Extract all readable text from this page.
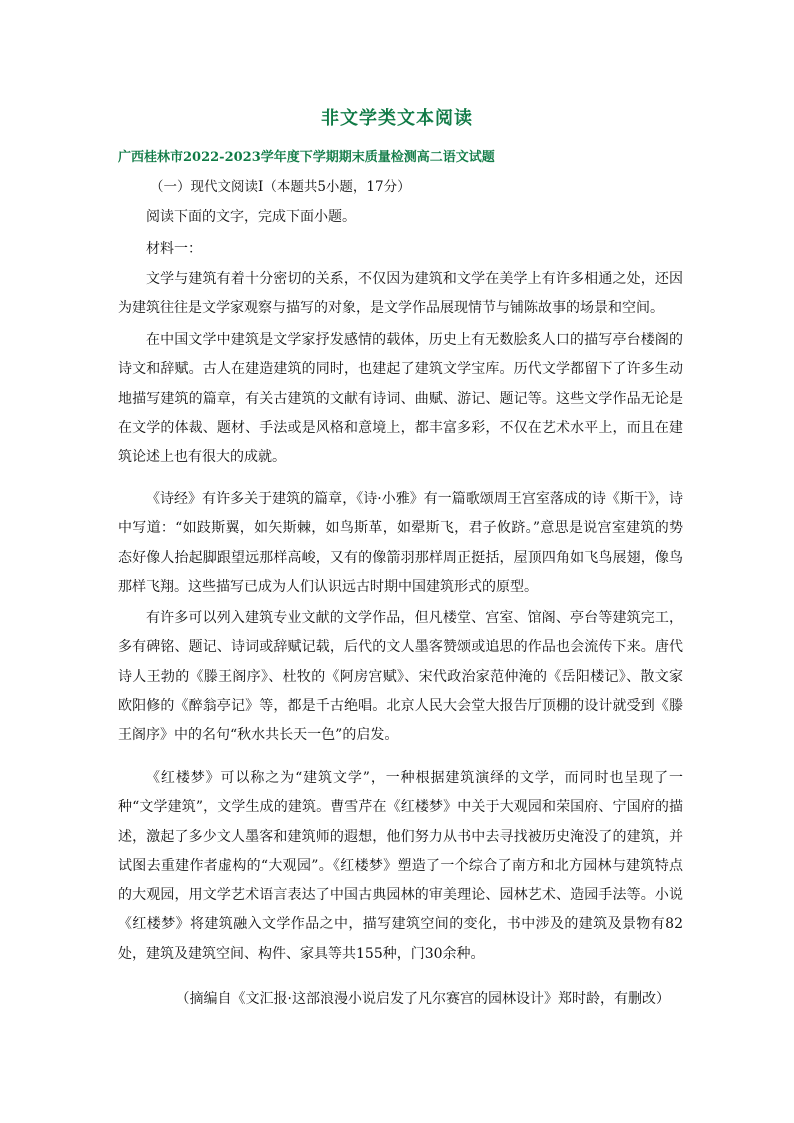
非文学类文本阅读
广西桂林市2022-2023学年度下学期期末质量检测高二语文试题
（一）现代文阅读Ⅰ（本题共5小题，17分）
阅读下面的文字，完成下面小题。
材料一：

文学与建筑有着十分密切的关系，不仅因为建筑和文学在美学上有许多相通之处，还因为建筑往往是文学家观察与描写的对象，是文学作品展现情节与铺陈故事的场景和空间。

在中国文学中建筑是文学家抒发感情的载体，历史上有无数脍炙人口的描写亭台楼阁的诗文和辞赋。古人在建造建筑的同时，也建起了建筑文学宝库。历代文学都留下了许多生动地描写建筑的篇章，有关古建筑的文献有诗词、曲赋、游记、题记等。这些文学作品无论是在文学的体裁、题材、手法或是风格和意境上，都丰富多彩，不仅在艺术水平上，而且在建筑论述上也有很大的成就。

《诗经》有许多关于建筑的篇章，《诗·小雅》有一篇歌颂周王宫室落成的诗《斯干》，诗中写道：“如跂斯翼，如矢斯棘，如鸟斯革，如翚斯飞，君子攸跻。”意思是说宫室建筑的势态好像人抬起脚跟望远那样高峻，又有的像箭羽那样周正挺括，屋顶四角如飞鸟展翅，像鸟那样飞翔。这些描写已成为人们认识远古时期中国建筑形式的原型。

有许多可以列入建筑专业文献的文学作品，但凡楼堂、宫室、馆阁、亭台等建筑完工，多有碑铭、题记、诗词或辞赋记载，后代的文人墨客赞颂或追思的作品也会流传下来。唐代诗人王勃的《滕王阁序》、杜牧的《阿房宫赋》、宋代政治家范仲淹的《岳阳楼记》、散文家欧阳修的《醉翁亭记》等，都是千古绝唱。北京人民大会堂大报告厅顶棚的设计就受到《滕王阁序》中的名句“秋水共长天一色”的启发。

《红楼梦》可以称之为“建筑文学”，一种根据建筑演绎的文学，而同时也呈现了一种“文学建筑”，文学生成的建筑。曹雪芹在《红楼梦》中关于大观园和荣国府、宁国府的描述，激起了多少文人墨客和建筑师的遐想，他们努力从书中去寻找被历史淹没了的建筑，并试图去重建作者虚构的“大观园”。《红楼梦》塑造了一个综合了南方和北方园林与建筑特点的大观园，用文学艺术语言表达了中国古典园林的审美理论、园林艺术、造园手法等。小说《红楼梦》将建筑融入文学作品之中，描写建筑空间的变化，书中涉及的建筑及景物有82处，建筑及建筑空间、构件、家具等共155种，门30余种。

（摘编自《文汇报·这部浪漫小说启发了凡尔赛宫的园林设计》郑时龄，有删改）
